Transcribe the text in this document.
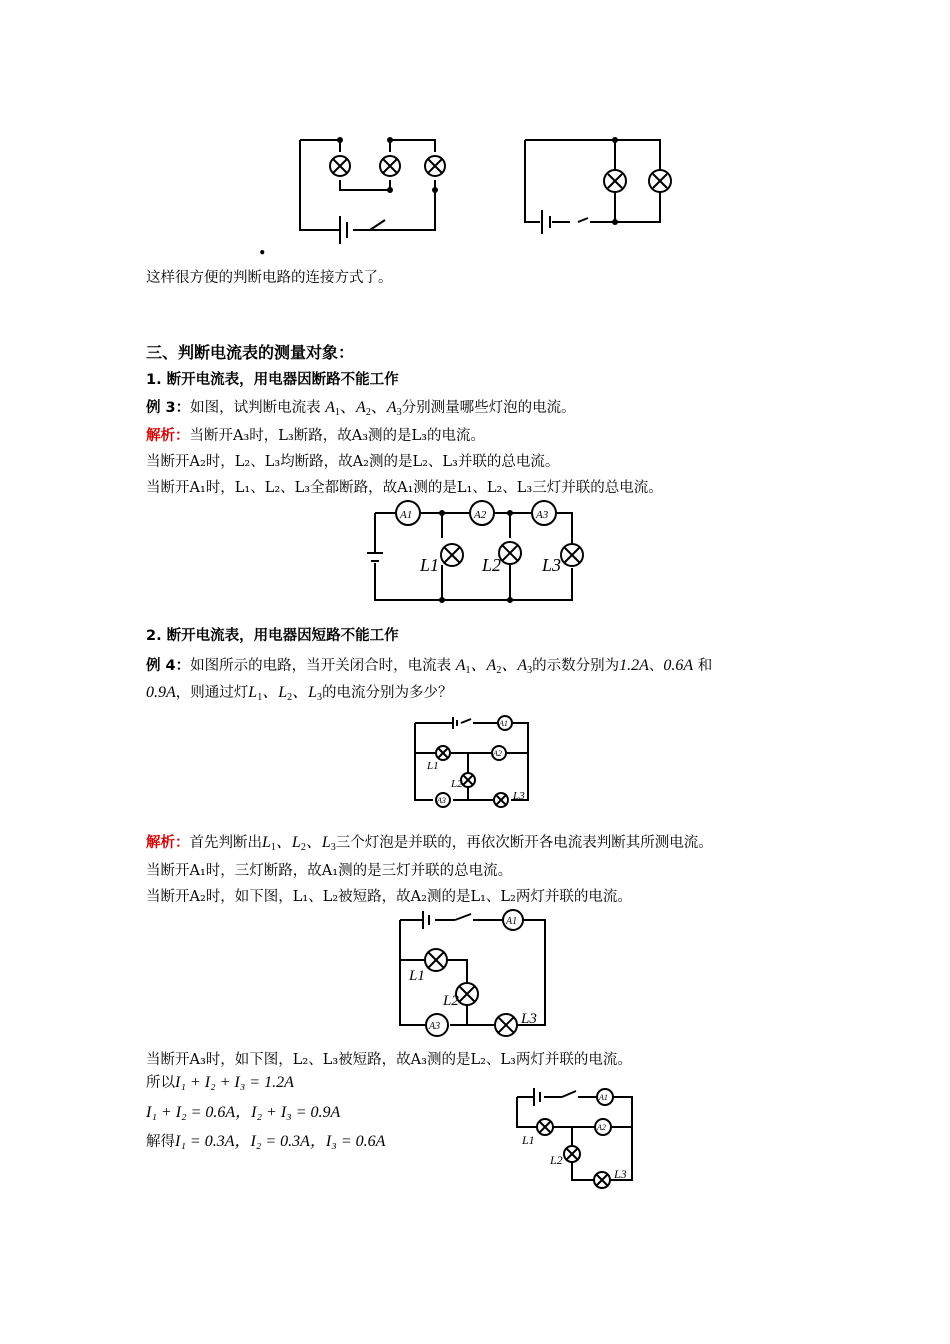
•
这样很方便的判断电路的连接方式了。
三、判断电流表的测量对象：
1. 断开电流表，用电器因断路不能工作
例 3：如图，试判断电流表 $A_1$、$A_2$、$A_3$分别测量哪些灯泡的电流。
解析：当断开A₃时，L₃断路，故A₃测的是L₃的电流。
当断开A₂时，L₂、L₃均断路，故A₂测的是L₂、L₃并联的总电流。
当断开A₁时，L₁、L₂、L₃全都断路，故A₁测的是L₁、L₂、L₃三灯并联的总电流。
A1	A2	A3
L1 L2 L3
2. 断开电流表，用电器因短路不能工作
例 4：如图所示的电路，当开关闭合时，电流表 $A_1$、$A_2$、$A_3$的示数分别为1.2A、0.6A 和
0.9A，则通过灯$L_1$、$L_2$、$L_3$的电流分别为多少？
A1
A2
A3
L1
L2
L3
解析：首先判断出$L_1$、$L_2$、$L_3$三个灯泡是并联的，再依次断开各电流表判断其所测电流。
当断开A₁时，三灯断路，故A₁测的是三灯并联的总电流。
当断开A₂时，如下图，L₁、L₂被短路，故A₂测的是L₁、L₂两灯并联的电流。
A1
A3
L1
L2
L3
当断开A₃时，如下图，L₂、L₃被短路，故A₃测的是L₂、L₃两灯并联的电流。
所以I₁ + I₂ + I₃ = 1.2A
I₁ + I₂ = 0.6A，I₂ + I₃ = 0.9A
解得I₁ = 0.3A，I₂ = 0.3A，I₃ = 0.6A
A1
A2
L1
L2
L3
